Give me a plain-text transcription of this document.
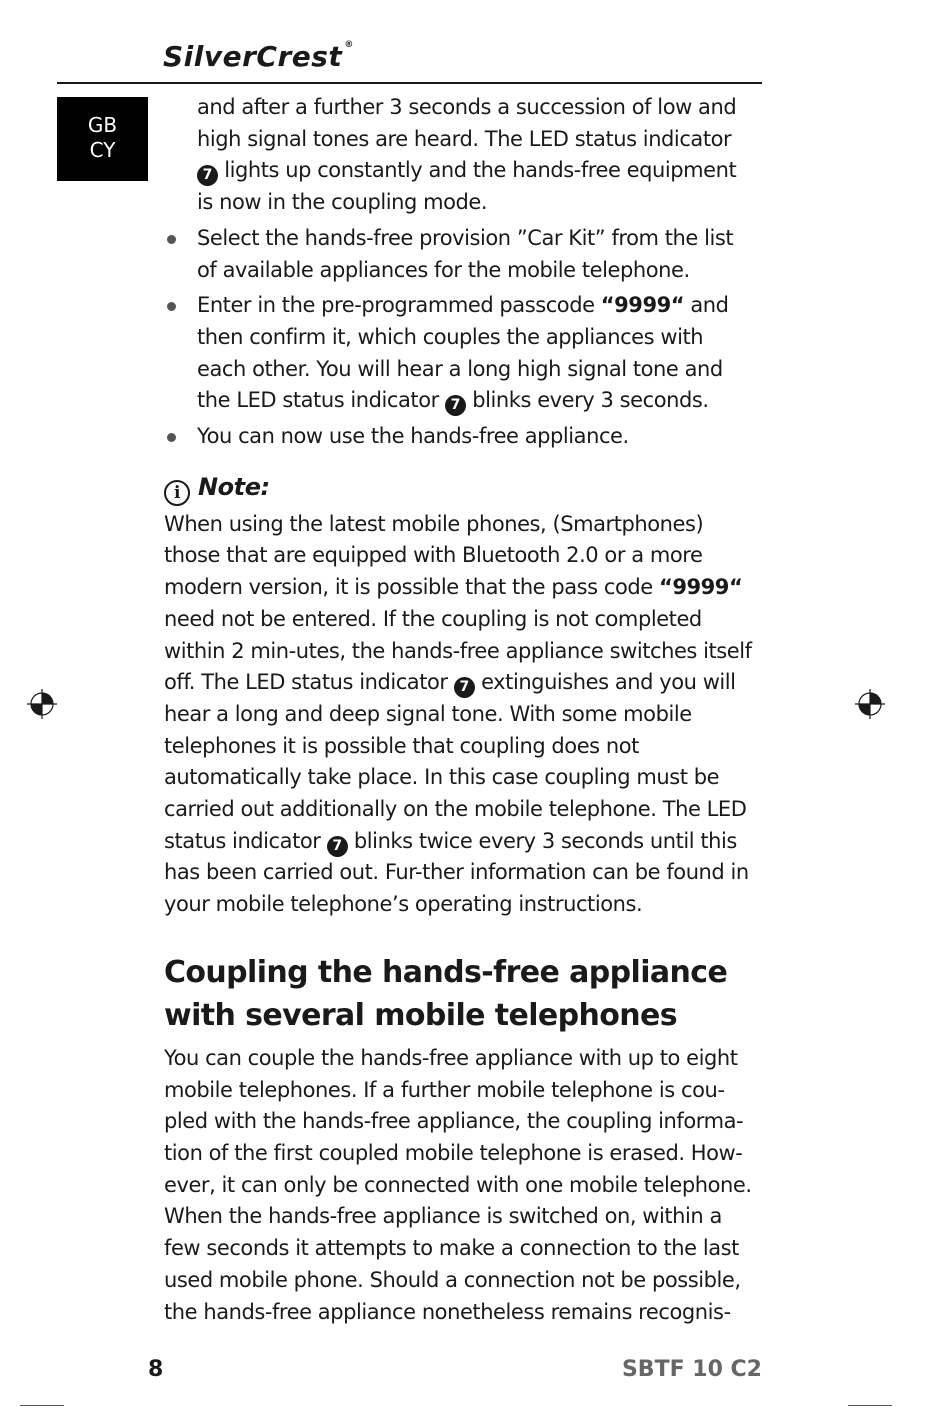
SilverCrest ®
GB
CY

and after a further 3 seconds a succession of low and high signal tones are heard. The LED status indicator
7 lights up constantly and the hands-free equipment is now in the coupling mode.

Select the hands-free provision ”Car Kit” from the list of available appliances for the mobile telephone.

Enter in the pre-programmed passcode “9999“ and then confirm it, which couples the appliances with each other. You will hear a long high signal tone and the LED status indicator 7 blinks every 3 seconds.

You can now use the hands-free appliance.

i Note:

When using the latest mobile phones, (Smartphones) those that are equipped with Bluetooth 2.0 or a more modern version, it is possible that the pass code “9999“ need not be entered. If the coupling is not completed within 2 min-utes, the hands-free appliance switches itself off. The LED status indicator 7 extinguishes and you will hear a long and deep signal tone. With some mobile telephones it is possible that coupling does not automatically take place. In this case coupling must be carried out additionally on the mobile telephone. The LED status indicator 7 blinks twice every 3 seconds until this has been carried out. Fur-ther information can be found in your mobile telephone’s operating instructions.

Coupling the hands-free appliance with several mobile telephones

You can couple the hands-free appliance with up to eight mobile telephones. If a further mobile telephone is cou-pled with the hands-free appliance, the coupling informa-tion of the first coupled mobile telephone is erased. How-ever, it can only be connected with one mobile telephone. When the hands-free appliance is switched on, within a few seconds it attempts to make a connection to the last used mobile phone. Should a connection not be possible, the hands-free appliance nonetheless remains recognis-

8	SBTF 10 C2
